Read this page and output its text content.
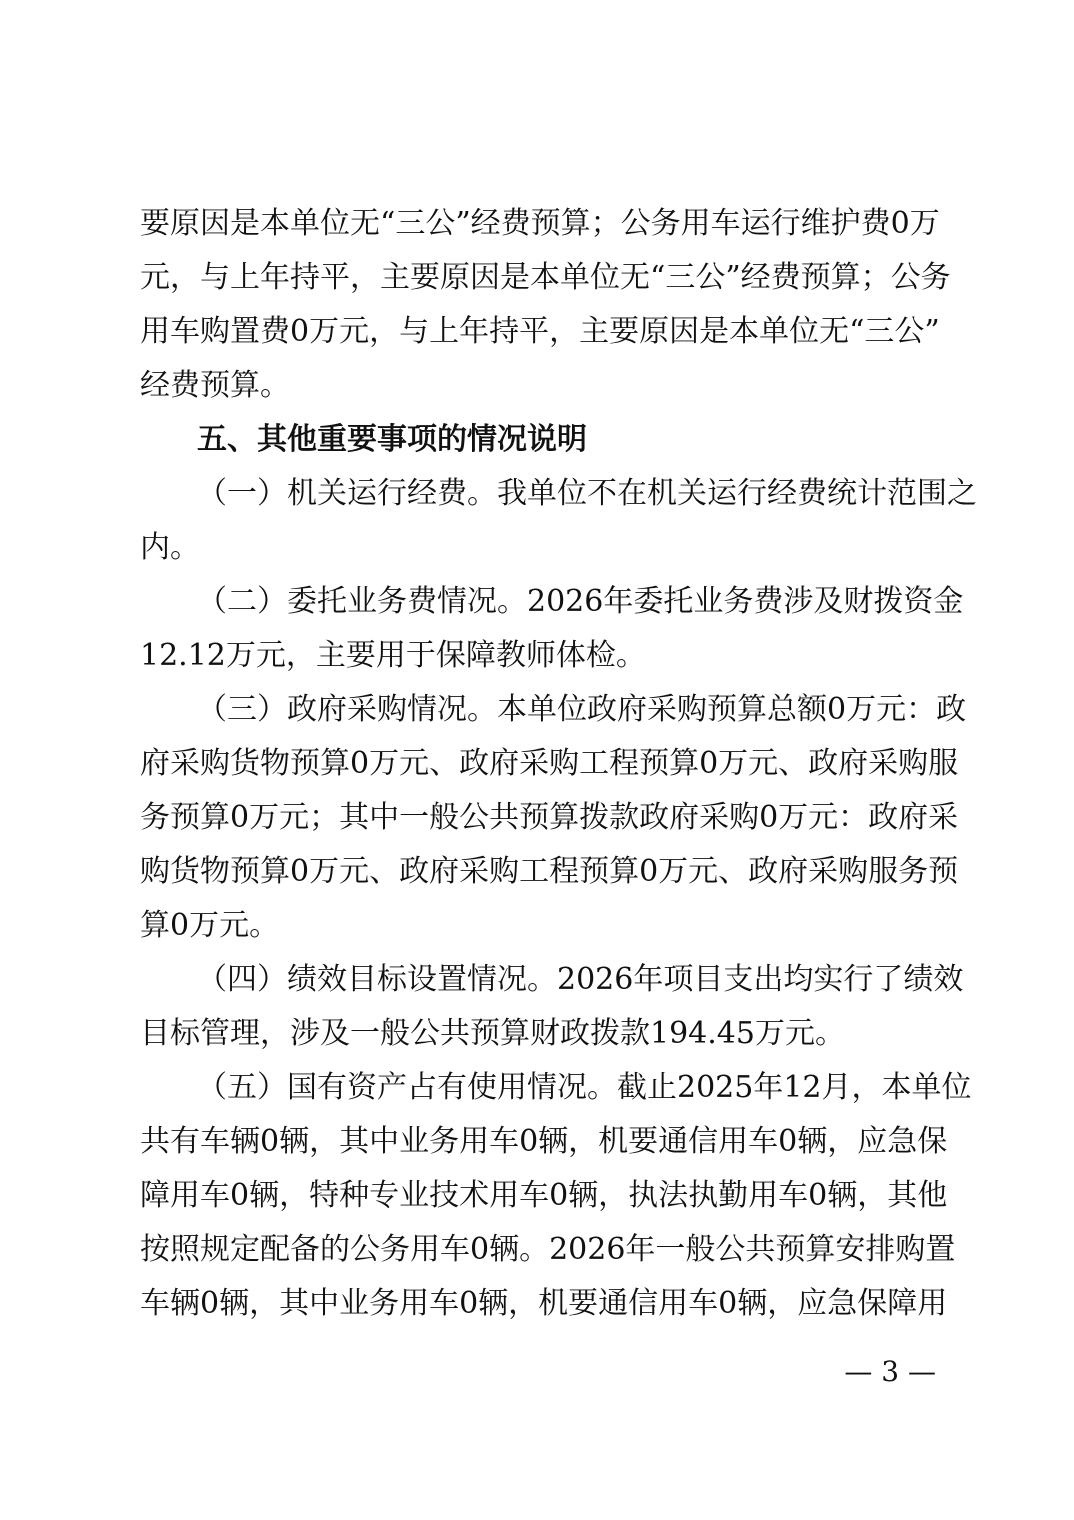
要原因是本单位无“三公”经费预算；公务用车运行维护费0万
元，与上年持平，主要原因是本单位无“三公”经费预算；公务
用车购置费0万元，与上年持平，主要原因是本单位无“三公”
经费预算。
五、其他重要事项的情况说明
（一）机关运行经费。我单位不在机关运行经费统计范围之
内。
（二）委托业务费情况。2026年委托业务费涉及财拨资金
12.12万元，主要用于保障教师体检。
（三）政府采购情况。本单位政府采购预算总额0万元：政
府采购货物预算0万元、政府采购工程预算0万元、政府采购服
务预算0万元；其中一般公共预算拨款政府采购0万元：政府采
购货物预算0万元、政府采购工程预算0万元、政府采购服务预
算0万元。
（四）绩效目标设置情况。2026年项目支出均实行了绩效
目标管理，涉及一般公共预算财政拨款194.45万元。
（五）国有资产占有使用情况。截止2025年12月，本单位
共有车辆0辆，其中业务用车0辆，机要通信用车0辆，应急保
障用车0辆，特种专业技术用车0辆，执法执勤用车0辆，其他
按照规定配备的公务用车0辆。2026年一般公共预算安排购置
车辆0辆，其中业务用车0辆，机要通信用车0辆，应急保障用
— 3 —
